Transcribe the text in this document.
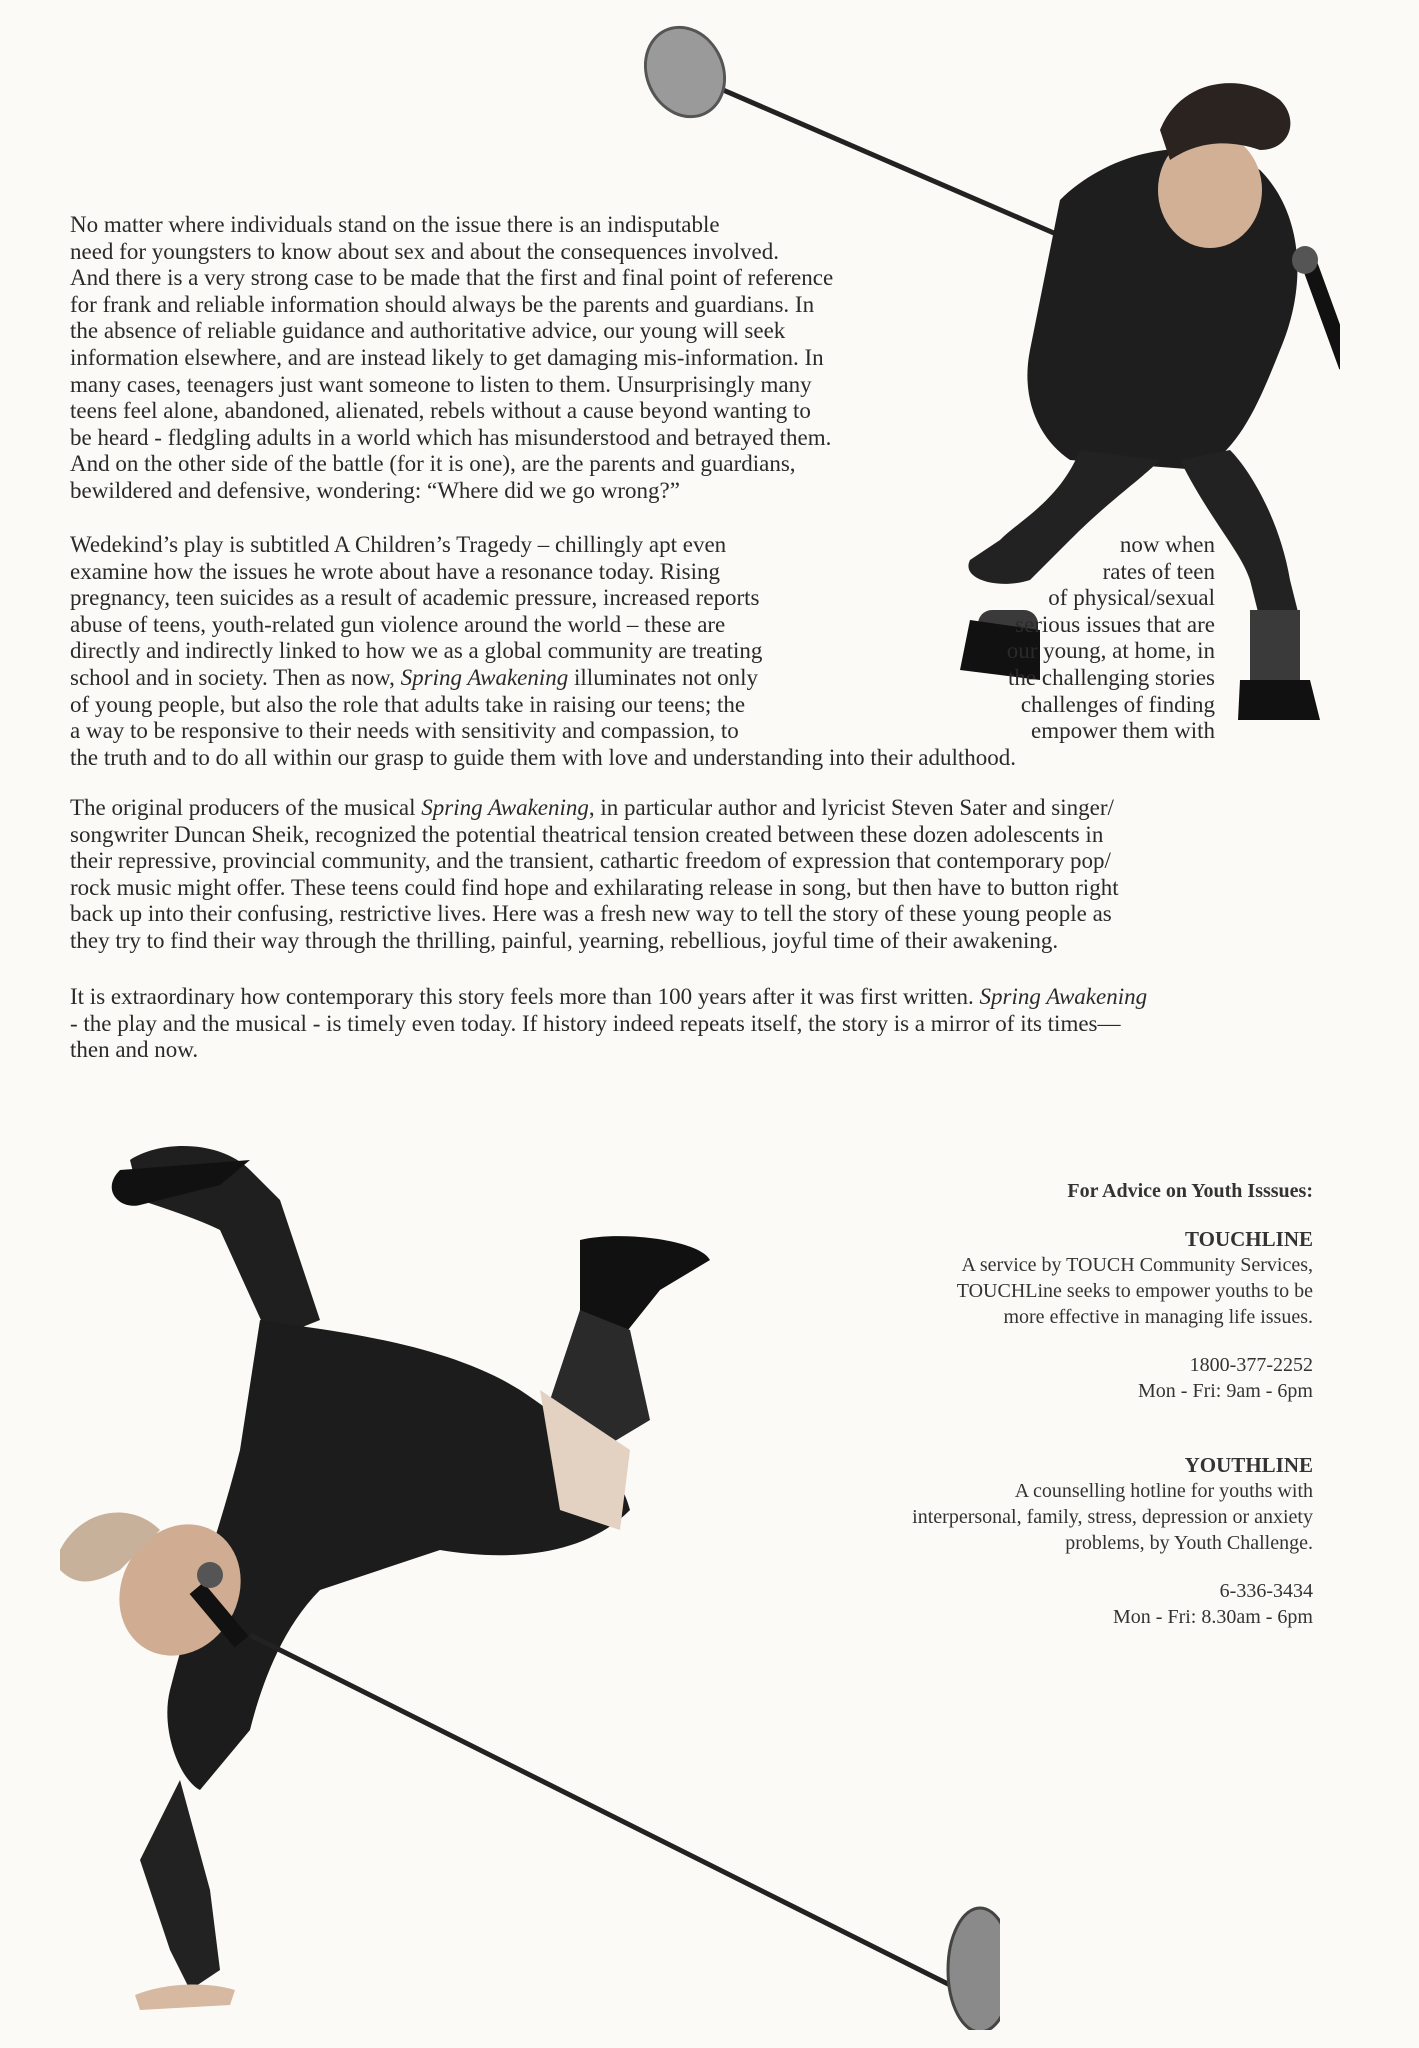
No matter where individuals stand on the issue there is an indisputable
need for youngsters to know about sex and about the consequences involved.
And there is a very strong case to be made that the first and final point of reference
for frank and reliable information should always be the parents and guardians. In
the absence of reliable guidance and authoritative advice, our young will seek
information elsewhere, and are instead likely to get damaging mis-information. In
many cases, teenagers just want someone to listen to them. Unsurprisingly many
teens feel alone, abandoned, alienated, rebels without a cause beyond wanting to
be heard - fledgling adults in a world which has misunderstood and betrayed them.
And on the other side of the battle (for it is one), are the parents and guardians,
bewildered and defensive, wondering: “Where did we go wrong?”
Wedekind’s play is subtitled A Children’s Tragedy – chillingly apt even	now when
examine how the issues he wrote about have a resonance today. Rising	rates of teen
pregnancy, teen suicides as a result of academic pressure, increased reports	of physical/sexual
abuse of teens, youth-related gun violence around the world – these are	serious issues that are
directly and indirectly linked to how we as a global community are treating	our young, at home, in
school and in society. Then as now, Spring Awakening illuminates not only	the challenging stories
of young people, but also the role that adults take in raising our teens; the	challenges of finding
a way to be responsive to their needs with sensitivity and compassion, to	empower them with
the truth and to do all within our grasp to guide them with love and understanding into their adulthood.
The original producers of the musical Spring Awakening, in particular author and lyricist Steven Sater and singer/
songwriter Duncan Sheik, recognized the potential theatrical tension created between these dozen adolescents in
their repressive, provincial community, and the transient, cathartic freedom of expression that contemporary pop/
rock music might offer. These teens could find hope and exhilarating release in song, but then have to button right
back up into their confusing, restrictive lives. Here was a fresh new way to tell the story of these young people as
they try to find their way through the thrilling, painful, yearning, rebellious, joyful time of their awakening.
It is extraordinary how contemporary this story feels more than 100 years after it was first written. Spring Awakening
- the play and the musical - is timely even today. If history indeed repeats itself, the story is a mirror of its times—
then and now.
For Advice on Youth Isssues:
TOUCHLINE
A service by TOUCH Community Services,
TOUCHLine seeks to empower youths to be
more effective in managing life issues.
1800-377-2252
Mon - Fri: 9am - 6pm
YOUTHLINE
A counselling hotline for youths with
interpersonal, family, stress, depression or anxiety
problems, by Youth Challenge.
6-336-3434
Mon - Fri: 8.30am - 6pm
